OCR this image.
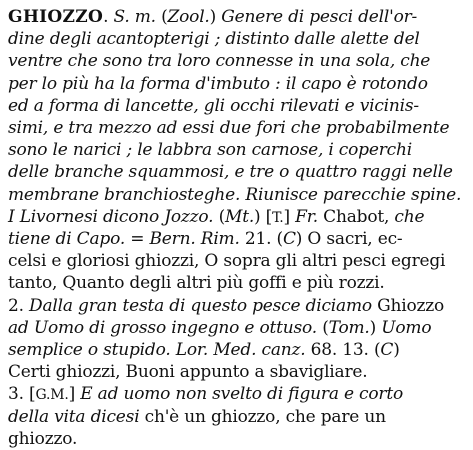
GHIOZZO. S. m. (Zool.) Genere di pesci dell'or-
dine degli acantopterigi ; distinto dalle alette del
ventre che sono tra loro connesse in una sola, che
per lo più ha la forma d'imbuto : il capo è rotondo
ed a forma di lancette, gli occhi rilevati e vicinis-
simi, e tra mezzo ad essi due fori che probabilmente
sono le narici ; le labbra son carnose, i coperchi
delle branche squammosi, e tre o quattro raggi nelle
membrane branchiosteghe. Riunisce parecchie spine.
I Livornesi dicono Jozzo. (Mt.) [T.] Fr. Chabot, che
tiene di Capo. = Bern. Rim. 21. (C) O sacri, ec-
celsi e gloriosi ghiozzi, O sopra gli altri pesci egregi
tanto, Quanto degli altri più goffi e più rozzi.
2. Dalla gran testa di questo pesce diciamo Ghiozzo
ad Uomo di grosso ingegno e ottuso. (Tom.) Uomo
semplice o stupido. Lor. Med. canz. 68. 13. (C)
Certi ghiozzi, Buoni appunto a sbavigliare.
3. [G.M.] E ad uomo non svelto di figura e corto
della vita dicesi ch'è un ghiozzo, che pare un
ghiozzo.
